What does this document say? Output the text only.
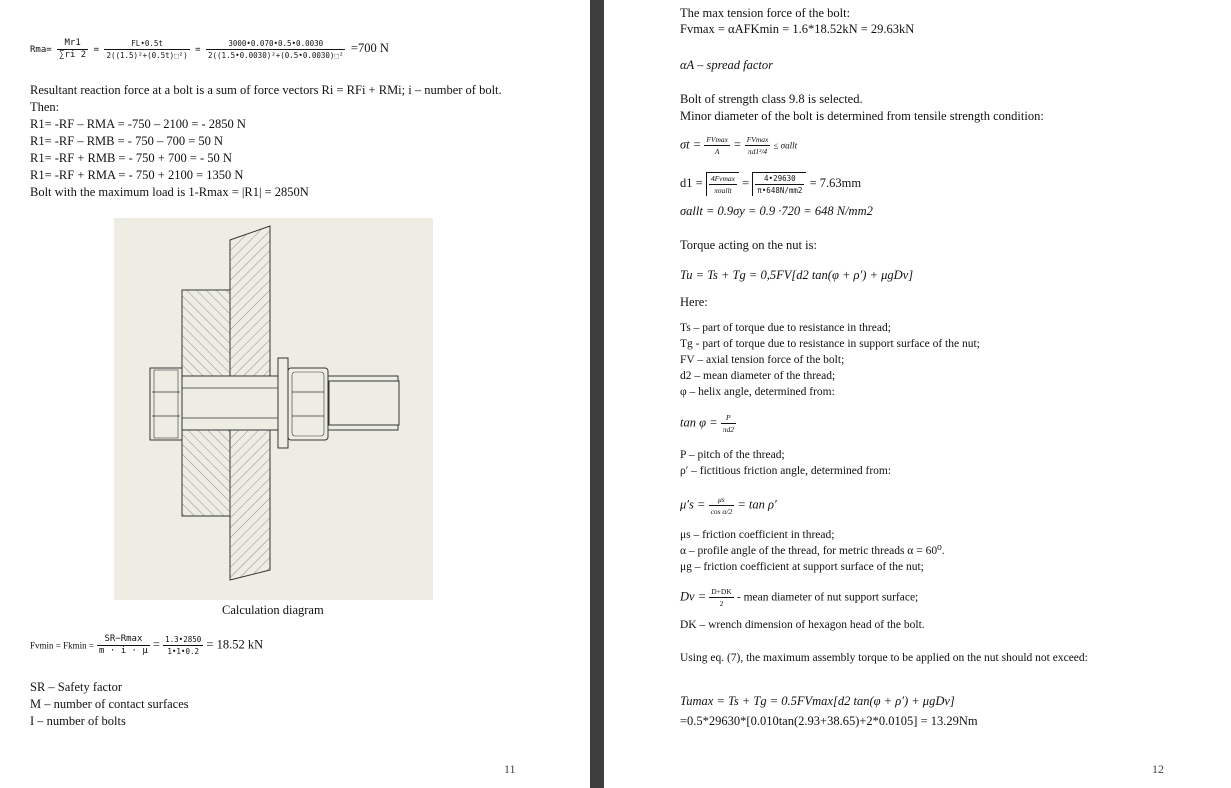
$Rma= \frac{Mr1}{\sum ri 2} = \frac{FL•0.5t}{\text{2((1.5)²+(0.5t)⬚²)}} = \frac{3000•0.070•0.5•0.0030}{\text{2((1.5•0.0030)²+(0.5•0.0030)⬚²}} =700$ N
Resultant reaction force at a bolt is a sum of force vectors Ri = RFi + RMi; i – number of bolt.
Then:
R1= -RF – RMA = -750 – 2100 = - 2850 N
R1= -RF – RMB = - 750 – 700 = 50 N
R1= -RF + RMB = - 750 + 700 = - 50 N
R1= -RF + RMA = - 750 + 2100 = 1350 N
Bolt with the maximum load is 1-Rmax = |R1| = 2850N
Calculation diagram
$Fvmin = Fkmin = \frac{SR-Rmax}{m \cdot i \cdot \mu} = \frac{1.3•2850}{1•1•0.2} = 18.52$ kN
SR – Safety factor
M – number of contact surfaces
I – number of bolts
11
The max tension force of the bolt:
Fvmax = αAFKmin = 1.6*18.52kN = 29.63kN
αA – spread factor
Bolt of strength class 9.8 is selected.
Minor diameter of the bolt is determined from tensile strength condition:
$\sigma t = \frac{FVmax}{A} = \frac{FVmax}{\text{πd1²/4}}$ ≤ σallt
$d1 = \frac{4Fvmax}{\text{πσallt}} = \frac{4•29630}{\pi•648N/mm2} = 7.63mm$
σallt = 0.9σy = 0.9 ·720 = 648 N/mm2
Torque acting on the nut is:
Tu = Ts + Tg = 0,5FV[d2 tan(φ + ρ′) + μgDv]
Here:
Ts – part of torque due to resistance in thread;
Tg - part of torque due to resistance in support surface of the nut;
FV – axial tension force of the bolt;
d2 – mean diameter of the thread;
φ – helix angle, determined from:
$\tan \varphi = \frac{P}{\pi d2}$
P – pitch of the thread;
ρ′ – fictitious friction angle, determined from:
$\mu's = \frac{\mu s}{\text{cos α/2}} = \tan \rho'$
μs – friction coefficient in thread;
α – profile angle of the thread, for metric threads α = 60⁰.
μg – friction coefficient at support surface of the nut;
$Dv = \frac{D+DK}{2}$ - mean diameter of nut support surface;
DK – wrench dimension of hexagon head of the bolt.
Using eq. (7), the maximum assembly torque to be applied on the nut should not exceed:
Tumax = Ts + Tg = 0.5FVmax[d2 tan(φ + ρ′) + μgDv]
=0.5*29630*[0.010tan(2.93+38.65)+2*0.0105] = 13.29Nm
12
